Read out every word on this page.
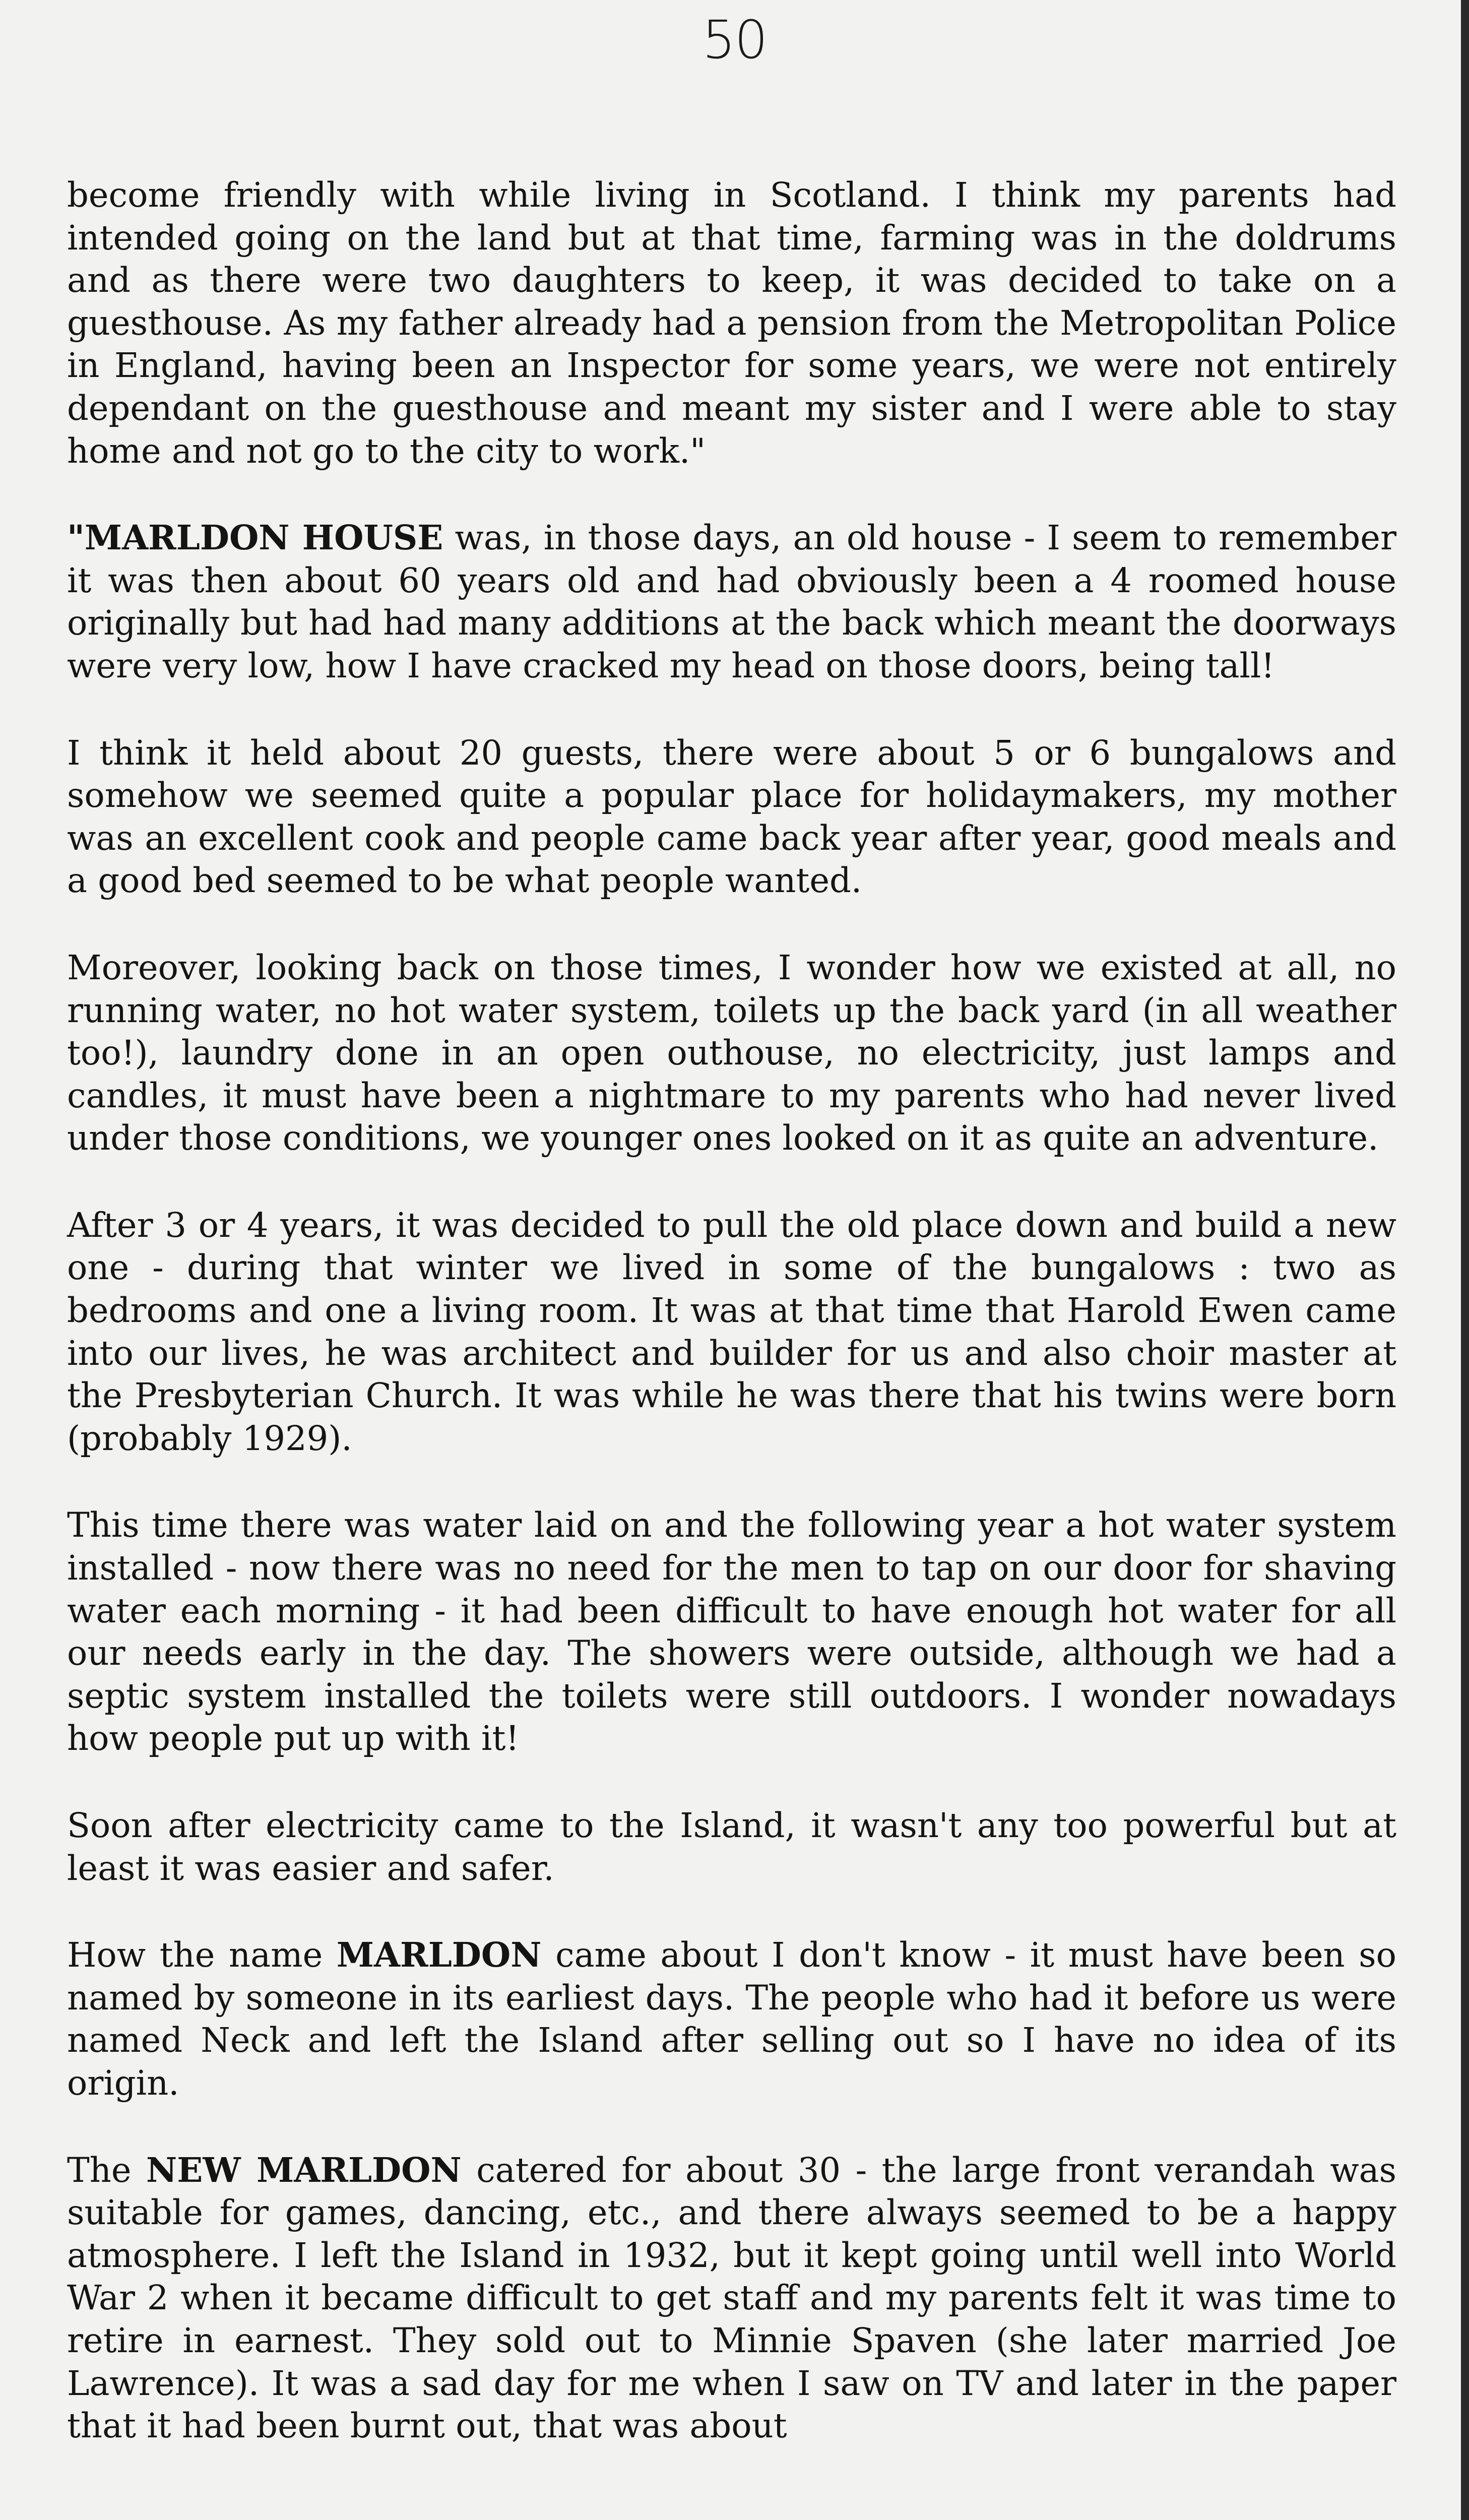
50

become friendly with while living in Scotland. I think my parents had intended going on the land but at that time, farming was in the doldrums and as there were two daughters to keep, it was decided to take on a guesthouse. As my father already had a pension from the Metropolitan Police in England, having been an Inspector for some years, we were not entirely dependant on the guesthouse and meant my sister and I were able to stay home and not go to the city to work."

"MARLDON HOUSE was, in those days, an old house - I seem to remember it was then about 60 years old and had obviously been a 4 roomed house originally but had had many additions at the back which meant the doorways were very low, how I have cracked my head on those doors, being tall!

I think it held about 20 guests, there were about 5 or 6 bungalows and somehow we seemed quite a popular place for holidaymakers, my mother was an excellent cook and people came back year after year, good meals and a good bed seemed to be what people wanted.

Moreover, looking back on those times, I wonder how we existed at all, no running water, no hot water system, toilets up the back yard (in all weather too!), laundry done in an open outhouse, no electricity, just lamps and candles, it must have been a nightmare to my parents who had never lived under those conditions, we younger ones looked on it as quite an adventure.

After 3 or 4 years, it was decided to pull the old place down and build a new one - during that winter we lived in some of the bungalows : two as bedrooms and one a living room. It was at that time that Harold Ewen came into our lives, he was architect and builder for us and also choir master at the Presbyterian Church. It was while he was there that his twins were born (probably 1929).

This time there was water laid on and the following year a hot water system installed - now there was no need for the men to tap on our door for shaving water each morning - it had been difficult to have enough hot water for all our needs early in the day. The showers were outside, although we had a septic system installed the toilets were still outdoors. I wonder nowadays how people put up with it!

Soon after electricity came to the Island, it wasn't any too powerful but at least it was easier and safer.

How the name MARLDON came about I don't know - it must have been so named by someone in its earliest days. The people who had it before us were named Neck and left the Island after selling out so I have no idea of its origin.

The NEW MARLDON catered for about 30 - the large front verandah was suitable for games, dancing, etc., and there always seemed to be a happy atmosphere. I left the Island in 1932, but it kept going until well into World War 2 when it became difficult to get staff and my parents felt it was time to retire in earnest. They sold out to Minnie Spaven (she later married Joe Lawrence). It was a sad day for me when I saw on TV and later in the paper that it had been burnt out, that was about
